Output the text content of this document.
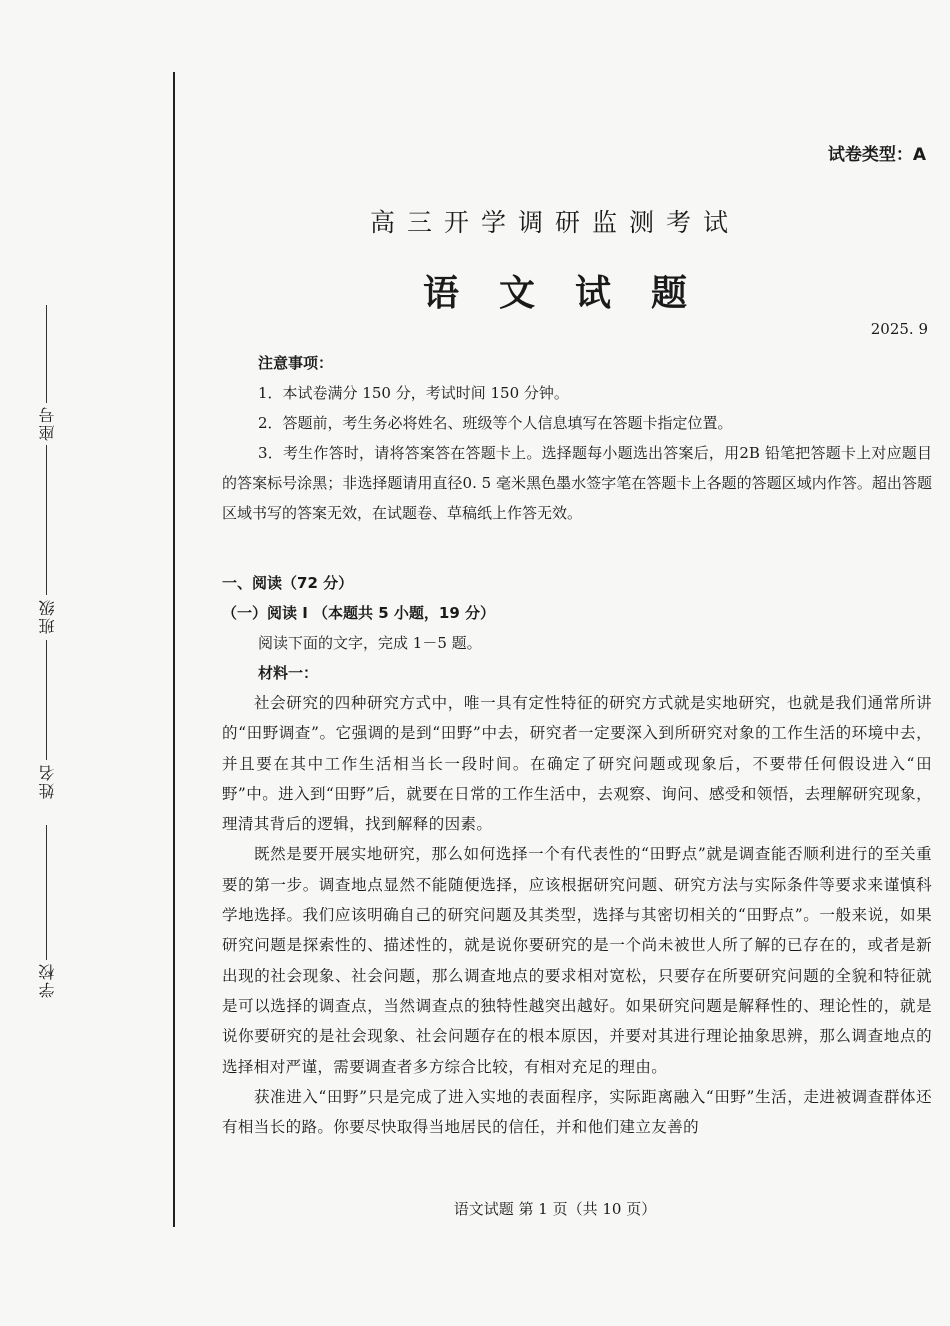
座号
班级
姓名
学校
试卷类型：A
高三开学调研监测考试
语文试题
2025. 9
注意事项：
1．本试卷满分 150 分，考试时间 150 分钟。
2．答题前，考生务必将姓名、班级等个人信息填写在答题卡指定位置。
3．考生作答时，请将答案答在答题卡上。选择题每小题选出答案后，用2B 铅笔把答题卡上对应题目的答案标号涂黑；非选择题请用直径0. 5 毫米黑色墨水签字笔在答题卡上各题的答题区域内作答。超出答题区域书写的答案无效，在试题卷、草稿纸上作答无效。
一、阅读（72 分）
（一）阅读 I （本题共 5 小题，19 分）
阅读下面的文字，完成 1－5 题。
材料一：
社会研究的四种研究方式中，唯一具有定性特征的研究方式就是实地研究，也就是我们通常所讲的“田野调查”。它强调的是到“田野”中去，研究者一定要深入到所研究对象的工作生活的环境中去，并且要在其中工作生活相当长一段时间。在确定了研究问题或现象后，不要带任何假设进入“田野”中。进入到“田野”后，就要在日常的工作生活中，去观察、询问、感受和领悟，去理解研究现象，理清其背后的逻辑，找到解释的因素。
既然是要开展实地研究，那么如何选择一个有代表性的“田野点”就是调查能否顺利进行的至关重要的第一步。调查地点显然不能随便选择，应该根据研究问题、研究方法与实际条件等要求来谨慎科学地选择。我们应该明确自己的研究问题及其类型，选择与其密切相关的“田野点”。一般来说，如果研究问题是探索性的、描述性的，就是说你要研究的是一个尚未被世人所了解的已存在的，或者是新出现的社会现象、社会问题，那么调查地点的要求相对宽松，只要存在所要研究问题的全貌和特征就是可以选择的调查点，当然调查点的独特性越突出越好。如果研究问题是解释性的、理论性的，就是说你要研究的是社会现象、社会问题存在的根本原因，并要对其进行理论抽象思辨，那么调查地点的选择相对严谨，需要调查者多方综合比较，有相对充足的理由。
获准进入“田野”只是完成了进入实地的表面程序，实际距离融入“田野”生活，走进被调查群体还有相当长的路。你要尽快取得当地居民的信任，并和他们建立友善的
语文试题 第 1 页（共 10 页）
